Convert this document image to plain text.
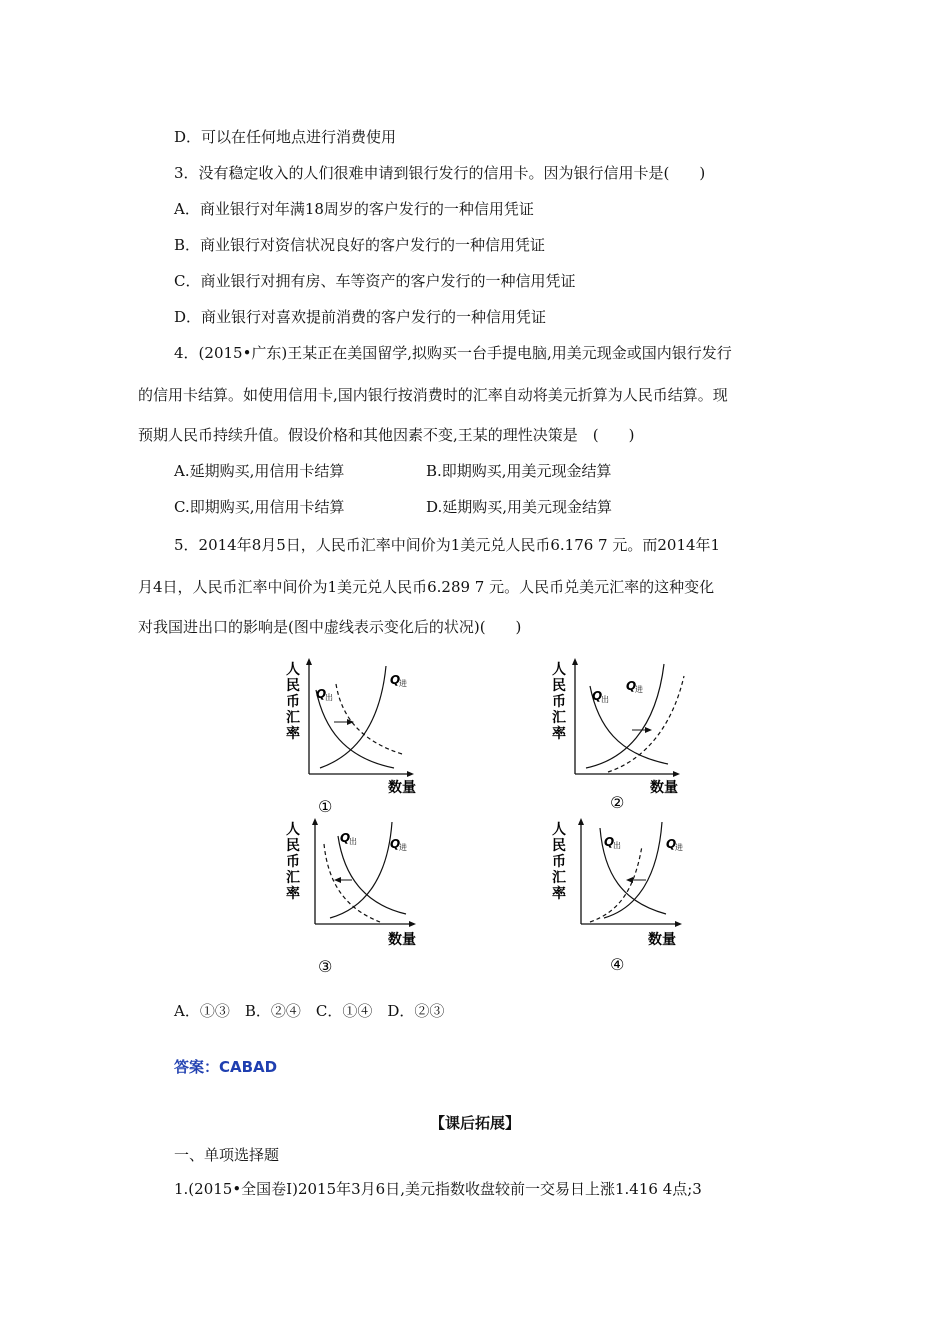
D．可以在任何地点进行消费使用
3．没有稳定收入的人们很难申请到银行发行的信用卡。因为银行信用卡是(　　)
A．商业银行对年满18周岁的客户发行的一种信用凭证
B．商业银行对资信状况良好的客户发行的一种信用凭证
C．商业银行对拥有房、车等资产的客户发行的一种信用凭证
D．商业银行对喜欢提前消费的客户发行的一种信用凭证
4．(2015•广东)王某正在美国留学,拟购买一台手提电脑,用美元现金或国内银行发行
的信用卡结算。如使用信用卡,国内银行按消费时的汇率自动将美元折算为人民币结算。现
预期人民币持续升值。假设价格和其他因素不变,王某的理性决策是　(　　)
A.延期购买,用信用卡结算	B.即期购买,用美元现金结算
C.即期购买,用信用卡结算	D.延期购买,用美元现金结算
5．2014年8月5日，人民币汇率中间价为1美元兑人民币6.176 7 元。而2014年1
月4日，人民币汇率中间价为1美元兑人民币6.289 7 元。人民币兑美元汇率的这种变化
对我国进出口的影响是(图中虚线表示变化后的状况)(　　)
人
民
币
汇
率
Q
出
Q
进
数量
①
人
民
币
汇
率
Q
出
Q
进
数量
②
人
民
币
汇
率
Q
出	Q
进
数量
③
人
民
币
汇
率
Q
出	Q
进
数量
④
A．①③　B．②④　C．①④　D．②③
答案：CABAD
【课后拓展】
一、单项选择题
1.(2015•全国卷Ⅰ)2015年3月6日,美元指数收盘较前一交易日上涨1.416 4点;3
